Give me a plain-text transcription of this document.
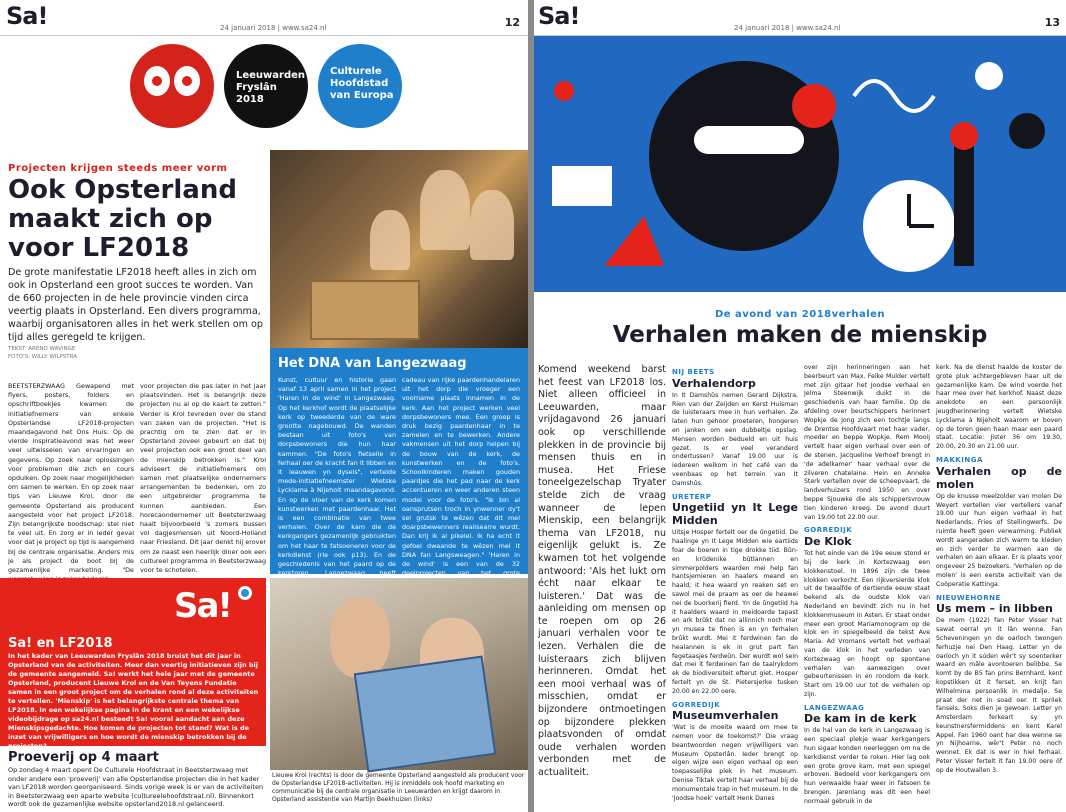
Sa!	24 januari 2018 | www.sa24.nl	12
Leeuwarden
Fryslân
2018
Culturele
Hoofdstad
van Europa
Projecten krijgen steeds meer vorm
Ook Opsterland maakt zich op voor LF2018
De grote manifestatie LF2018 heeft alles in zich om ook in Opsterland een groot succes te worden. Van de 660 projecten in de hele provincie vinden circa veertig plaats in Opsterland. Een divers programma, waarbij organisatoren alles in het werk stellen om op tijd alles geregeld te krijgen.
TEKST: ARENO WAVINGE
FOTO'S: WILLY WILPSTRA
BEETSTERZWAAG Gewapend met flyers, posters, folders en opschriftboekjes kwamen de initiatiefnemers van enkele Opsterlandse LF2018-projecten maandagavond het Ons Huis. Op de vierde inspiratieavond was het weer veel uitwisselen van ervaringen en gegevens. Op zoek naar oplossingen voor problemen die zich en cours opduiken. Op zoek naar mogelijkheden om samen te werken. En op zoek naar tips van Lieuwe Krol, door de gemeente Opsterland als producent aangesteld voor het project LF2018. Zijn belangrijkste boodschap: stel niet te veel uit. En zorg er in ieder geval voor dat je project op tijd is aangemeld bij de centrale organisatie. Anders mis je als project de boot bij de gezamenlijke marketing. "De
voor projecten die pas later in het jaar plaatsvinden. Het is belangrijk deze projecten nu al op de kaart te zetten." Verder is Krol tevreden over de stand van zaken van de projecten. "Het is prachtig om te zien dat er in Opsterland zoveel gebeurt en dat bij veel projecten ook een groot deel van de mienskip betrokken is." Krol adviseert de initiatiefnemers om samen met plaatselijke ondernemers arrangementen te bedenken, om zo een uitgebreider programma te kunnen aanbieden. Een horecaondernemer uit Beetsterzwaag haalt bijvoorbeeld 's zomers bussen vol dagjesmensen uit Noord-Holland naar Friesland. Dit jaar denkt hij erover om ze naast een heerlijk diner ook een cultureel programma in Beetsterzwaag voor te schotelen.
Het DNA van Langezwaag
Kunst, cultuur en historie gaan vanaf 13 april samen in het project 'Haren in de wind' in Langezwaag. Op het kerkhof wordt de plaatselijke kerk op tweederde van de ware grootte nagebouwd. De wanden bestaan uit foto's van dorpsbewoners die hun haar kammen. "De foto's fietselle in ferhaal oer de kracht fan it libben en it leauwen yn dysels", vertelde mede-initiatiefneemster Wietske Lycklama à Nijeholt maandagavond. En op de vloer van de kerk komen kunstwerken met paardenhaar. Het is een combinatie van twee verhalen. Over de kam die de kerkgangers gezamenlijk gebruikten om het haar te fatsoeneren voor de kerkdienst (rie ook p13). En de geschiedenis van het paard op de kerktoren. Langezwaag heeft
cadeau van rijke paardenhandelaren uit het dorp die vroeger een voorname plaats innamen in de kerk. Aan het project werken veel dorpsbewoners mee. Een groep is druk bezig paardenhaar in te zamelen en te bewerken. Andere vakmensen uit het dorp helpen bij de bouw van de kerk, de kunstwerken en de foto's. Schoolkinderen maken gouden paardjes die het pad naar de kerk accentueren en weer anderen steen model voor de foto's. "Ik bin al oansprutsen troch in ynwenner dy't sel grutsk te wêzen dat dit mei doarpsbewenners realisearre wurdt. Dan krij ik al pikelel. Ik ha echt it gefoel dwaande te wêzen mei it DNA fan Langsweagen." 'Haren in de wind' is een van de 32 deelprojecten van het grote
Sa!
Sa! en LF2018

In het kader van Leeuwarden Fryslân 2018 bruist het dit jaar in Opsterland van de activiteiten. Meer dan veertig initiatieven zijn bij de gemeente aangemeld. Sa! werkt het hele jaar met de gemeente Opsterland, producent Lieuwe Krol en de Van Teyens Fundatie samen in een groot project om de verhalen rond al deze activiteiten te vertellen. 'Mienskip' is het belangrijkste centrale thema van LF2018. In een wekelijkse pagina in de krant en een wekelijkse videobijdrage op sa24.nl besteedt Sa! vooral aandacht aan deze Mienskipsgedachte. Hoe komen de projecten tot stand? Wat is de inzet van vrijwilligers en hoe wordt de mienskip betrokken bij de projecten?

Proeverij op 4 maart
Op zondag 4 maart opent De Culturele Hoofdstraat in Beetsterzwaag met onder andere een 'proeverij' van alle Opsterlandse projecten die in het kader van LF2018 worden georganiseerd. Sinds vorige week is er van de activiteiten in Beetsterzwaag een aparte website (cultureelehoofdstraat.nl). Binnenkort wordt ook de gezamenlijke website opsterland2018.nl gelanceerd.
Lieuwe Krol (rechts) is door de gemeente Opsterland aangesteld als producent voor de Opsterlandse LF2018-activiteiten. Hij is inmiddels ook hoofd marketing en communicatie bij de centrale organisatie in Leeuwarden en krijgt daarom in Opsterland assistentie van Martijn Beekhuizen (links)
Sa!	24 januari 2018 | www.sa24.nl	13
De avond van 2018verhalen
Verhalen maken de mienskip
Komend weekend barst het feest van LF2018 los. Niet alleen officieel in Leeuwarden, maar vrijdagavond 26 januari ook op verschillende plekken in de provincie bij mensen thuis en in musea. Het Friese toneelgezelschap Tryater stelde zich de vraag wanneer de lepen Mienskip, een belangrijk thema van LF2018, nu eigenlijk gelukt is. Ze kwamen tot het volgende antwoord: 'Als het lukt om écht naar elkaar te luisteren.' Dat was de aanleiding om mensen op te roepen om op 26 januari verhalen voor te lezen. Verhalen die de luisteraars zich blijven herinneren. Omdat het een mooi verhaal was of misschien, omdat er bijzondere ontmoetingen op bijzondere plekken plaatsvonden of omdat oude verhalen worden verbonden met de actualiteit.
NIJ BEETS
Verhalendorp

In It Damshûs nemen Gerard Dijkstra, Rien van der Zeijden en Kerst Huisman de luisteraars mee in hun verhalen. Ze laten hun gehoor proeteren, hongeren en janken om een dubbeltje opslag. Mensen worden bedueld en uit huis gezet. Is er veel veranderd ondertussen? Vanaf 19.00 uur is iedereen welkom in het café van de veenbaas op het terrein van It Damshûs.

URETERP
Ungetiid yn It Lege Midden

Uitsje Hosper fertelt oer de ûngetiid. De haalinge yn It Lege Midden wie eartiids foar de boeren in tige drokke tiid. Bûn- en krûdenike bûtlannen en simmerpolders waarden mei help fan hantsjemieren en haalers meand en haald; it hea waard yn reaken set en sawol mei de praam as oer de heawei nei de buorkerij fierd. Yn de ûngetiid ha it haalders waard in meidoarde tapast en ark brûkt dat no allinnich noch mar yn musea te finen is en yn ferhalen brûkt wurdt. Mei it ferdwinen fan de healannen is ek in grut part fan fegetaasjes ferdwûn. Der wurdt wol sein dat mei it ferdwinen fan de taalrykdom ek de biodiversiteit efterut giet. Hosper fertelt yn de St. Pietersjerke tusken 20.00 en 22.00 oere.

GORREDIJK
Museumverhalen

'Wat is de moeite waard om mee te nemen voor de toekomst?' Die vraag beantwoorden negen vrijwilligers van Museum Opsterlân. Ieder brengt op eigen wijze een eigen verhaal op een toepasselijke plek in het museum. Denise Tiktak vertelt haar verhaal bij de monumentale trap in het museum. In de 'Joodse hoek' vertelt Henk Danes

over zijn herinneringen aan het beerbeurt van Max. Feike Mulder vertelt met zijn gitaar het Joodse verhaal en Jelma Steenwijk duikt in de geschiedenis van haar familie. Op de afdeling over beurtschippers herinnert Wopkje de Jong zich een tochtje langs de Drentse Hoofdvaart met haar vader, moeder en beppe Wopkje. Rem Mooij vertelt haar eigen verhaal over een of de stenen. Jacqueline Verhoef brengt in 'de adelkamer' haar verhaal over de zilveren chatelaine. Hein en Anneke Sterk vertellen over de scheepvaart, de landverhuizers rond 1950 en over beppe Sjouwke die als schippersvrouw tien kinderen kreeg. De avond duurt van 19.00 tot 22.00 uur.

GORREDIJK
De Klok

Tot het einde van de 19e eeuw stond er bij de kerk in Kortezwaag een klokkenstoel. In 1896 zijn de twee klokken verkocht. Een rijkversierde klok uit de twaalfde of dertiende eeuw staat bekend als de oudste klok van Nederland en bevindt zich nu in het klokkenmuseum in Asten. Er staat onder meer een groot Mariamonogram op de klok en in spiegelbeeld de tekst Ave Maria. Ad Vromans vertelt het verhaal van de klok in het verleden van Kortezwaag en hoopt op spontane verhalen van aanwezigen over gebeurtenissen in en rondom de kerk. Start om 19.00 uur tot de verhalen op zijn.

LANGEZWAAG
De kam in de kerk

In de hal van de kerk in Langezwaag is een speciaal plekje waar kerkgangers hun sigaar konden neerleggen om na de kerkdienst verder te roken. Hier lag ook een grote grove kam, met een spiegel erboven. Bedoeld voor kerkgangers om hun verwaaide haar weer in fatsoen te brengen. Jarenlang was dit een heel normaal gebruik in de

kerk. Na de dienst haalde de koster de grote pluk achtergebleven haar uit de gezamenlijke kam. De wind voerde het haar mee over het kerkhof. Naast deze anekdote en een persoonlijk jeugdherinnering vertelt Wietske Lycklama à Nijeholt waarom er boven op de toren geen haan maar een paard staat. Locatie: Jister 36 om 19.30, 20.00, 20.30 en 21.00 uur.

MAKKINGA
Verhalen op de molen

Op de knusse meelzolder van molen De Weyert vertellen vier vertellers vanaf 19.00 uur hun eigen verhaal in het Nederlands, Fries of Stellingwerfs. De ruimte heeft geen verwarming. Publiek wordt aangeraden zich warm te kleden en zich verder te warmen aan de verhalen en aan elkaar. Er is plaats voor ongeveer 25 bezoekers. 'Verhalen op de molen' is een eerste activiteit van de Coöperatie Kattinga.

NIEUWEHORNE
Us mem – in libben

De mem (1922) fan Peter Visser hat sawat oerral yn it lân wenne. Fan Scheveningen yn de oarloch twongen ferhuzje nei Den Haag. Letter yn de oarloch yn it súden wêr't sy soenterker waard en mâle avontoeren belibbe. Se komt by de B5 fan prins Bernhard, kent kopstikken út it ferset, en krijt fan Wilhelmina persoanlik in medalje. Se praat der net in soad oer. It sprilek fansels. Soks dien je gewoan. Letter yn Amsterdam ferkeart sy yn keunstnersfermiddens en kent Karel Appel. Fan 1960 oant har dea wenne se yn Nijhoarne, wêr't Peter no noch wennet. Ek dat is wer in hiel ferhaal. Peter Visser fertelt it fan 19.00 oere ôf op de Houtwallen 3.
